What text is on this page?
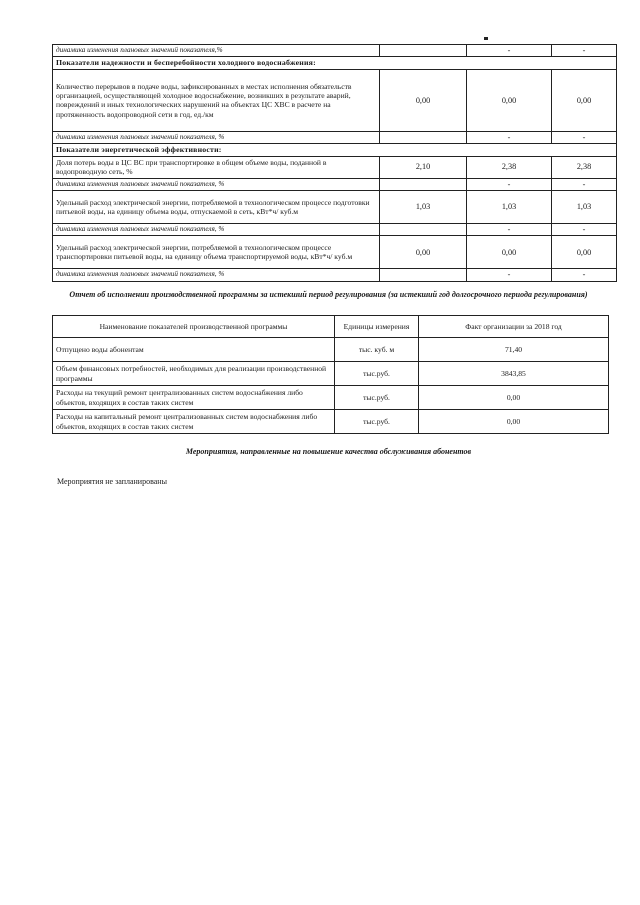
динамика изменения плановых значений показателя,%		-	-
Показатели надежности и бесперебойности холодного водоснабжения:			
Количество перерывов в подаче воды, зафиксированных в местах исполнения обязательств организацией, осуществляющей холодное водоснабжение, возникших в результате аварий, повреждений и иных технологических нарушений на объектах ЦС ХВС в расчете на протяженность водопроводной сети в год, ед./км	0,00	0,00	0,00
динамика изменения плановых значений показателя, %		-	-
Показатели энергетической эффективности:			
Доля потерь воды в ЦС ВС при транспортировке в общем объеме воды, поданной в водопроводную сеть, %	2,10	2,38	2,38
динамика изменения плановых значений показателя, %		-	-
Удельный расход электрической энергии, потребляемой в технологическом процессе подготовки питьевой воды, на единицу объема воды, отпускаемой в сеть, кВт*ч/ куб.м	1,03	1,03	1,03
динамика изменения плановых значений показателя, %		-	-
Удельный расход электрической энергии, потребляемой в технологическом процессе транспортировки питьевой воды, на единицу объема транспортируемой воды, кВт*ч/ куб.м	0,00	0,00	0,00
динамика изменения плановых значений показателя, %		-	-
Отчет об исполнении производственной программы за истекший период регулирования (за истекший год долгосрочного периода регулирования)
Наименование показателей производственной программы	Единицы измерения	Факт организации за 2018 год
Отпущено воды абонентам	тыс. куб. м	71,40
Объем финансовых потребностей, необходимых для реализации производственной программы	тыс.руб.	3843,85
Расходы на текущий ремонт централизованных систем водоснабжения либо объектов, входящих в состав таких систем	тыс.руб.	0,00
Расходы на капитальный ремонт централизованных систем водоснабжения либо объектов, входящих в состав таких систем	тыс.руб.	0,00
Мероприятия, направленные на повышение качества обслуживания абонентов
Мероприятия не запланированы
